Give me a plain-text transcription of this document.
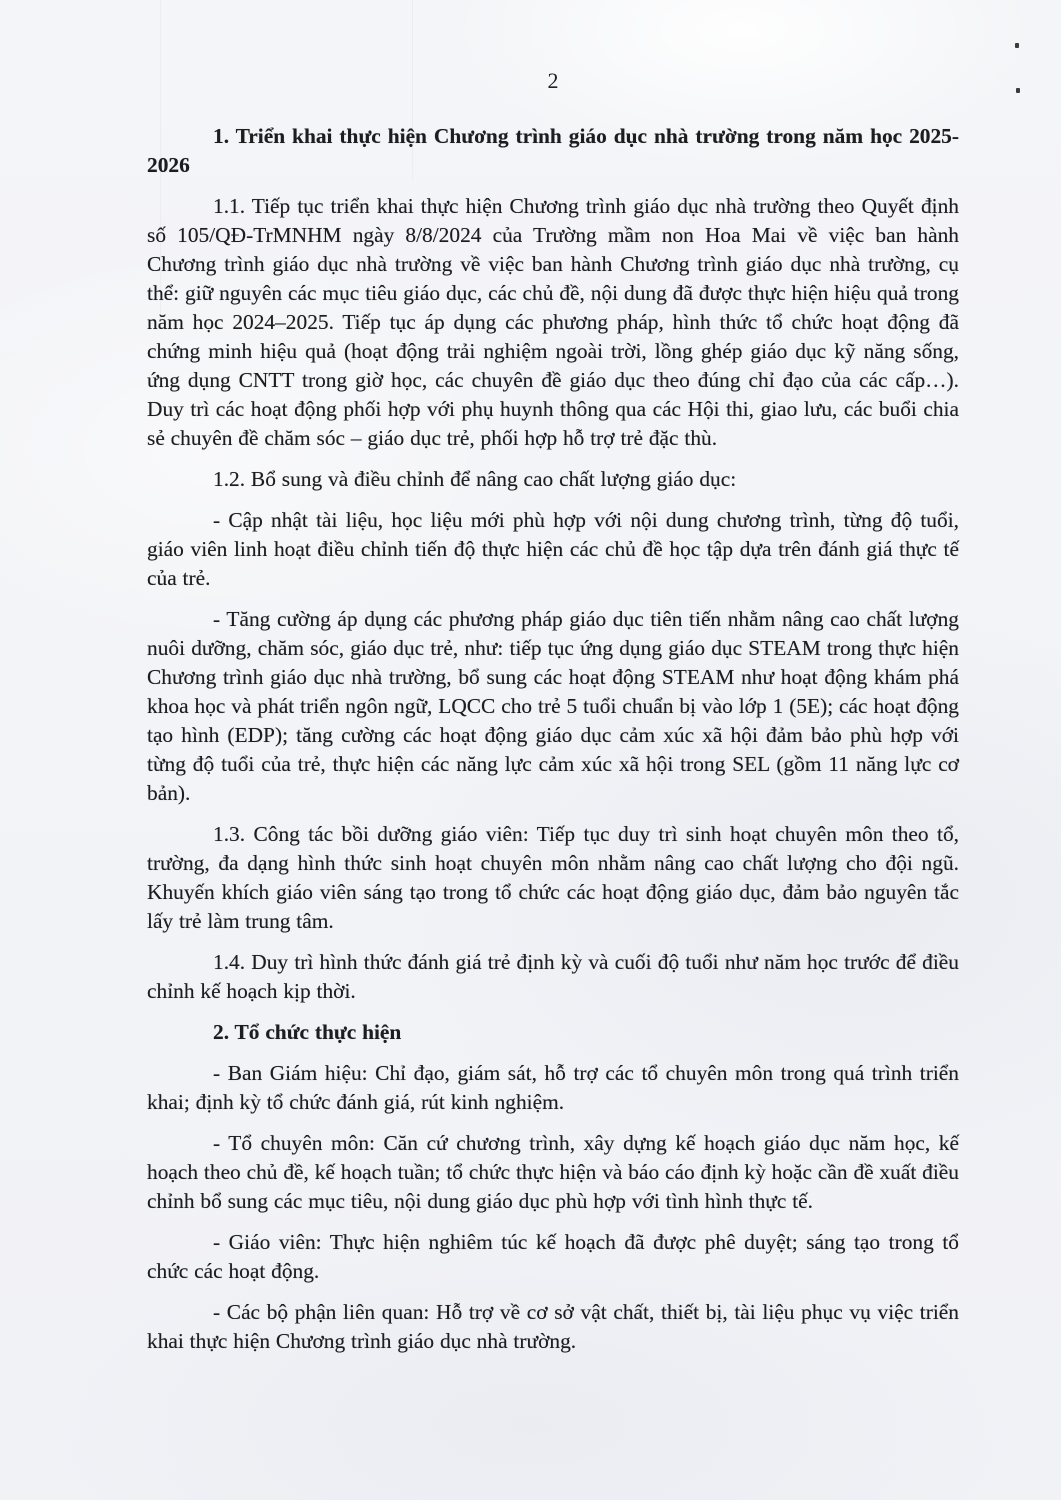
2

1. Triển khai thực hiện Chương trình giáo dục nhà trường trong năm học 2025-2026

1.1. Tiếp tục triển khai thực hiện Chương trình giáo dục nhà trường theo Quyết định số 105/QĐ-TrMNHM ngày 8/8/2024 của Trường mầm non Hoa Mai về việc ban hành Chương trình giáo dục nhà trường về việc ban hành Chương trình giáo dục nhà trường, cụ thể: giữ nguyên các mục tiêu giáo dục, các chủ đề, nội dung đã được thực hiện hiệu quả trong năm học 2024–2025. Tiếp tục áp dụng các phương pháp, hình thức tổ chức hoạt động đã chứng minh hiệu quả (hoạt động trải nghiệm ngoài trời, lồng ghép giáo dục kỹ năng sống, ứng dụng CNTT trong giờ học, các chuyên đề giáo dục theo đúng chỉ đạo của các cấp…). Duy trì các hoạt động phối hợp với phụ huynh thông qua các Hội thi, giao lưu, các buổi chia sẻ chuyên đề chăm sóc – giáo dục trẻ, phối hợp hỗ trợ trẻ đặc thù.

1.2. Bổ sung và điều chỉnh để nâng cao chất lượng giáo dục:

- Cập nhật tài liệu, học liệu mới phù hợp với nội dung chương trình, từng độ tuổi, giáo viên linh hoạt điều chỉnh tiến độ thực hiện các chủ đề học tập dựa trên đánh giá thực tế của trẻ.

- Tăng cường áp dụng các phương pháp giáo dục tiên tiến nhằm nâng cao chất lượng nuôi dưỡng, chăm sóc, giáo dục trẻ, như: tiếp tục ứng dụng giáo dục STEAM trong thực hiện Chương trình giáo dục nhà trường, bổ sung các hoạt động STEAM như hoạt động khám phá khoa học và phát triển ngôn ngữ, LQCC cho trẻ 5 tuổi chuẩn bị vào lớp 1 (5E); các hoạt động tạo hình (EDP); tăng cường các hoạt động giáo dục cảm xúc xã hội đảm bảo phù hợp với từng độ tuổi của trẻ, thực hiện các năng lực cảm xúc xã hội trong SEL (gồm 11 năng lực cơ bản).

1.3. Công tác bồi dưỡng giáo viên: Tiếp tục duy trì sinh hoạt chuyên môn theo tổ, trường, đa dạng hình thức sinh hoạt chuyên môn nhằm nâng cao chất lượng cho đội ngũ. Khuyến khích giáo viên sáng tạo trong tổ chức các hoạt động giáo dục, đảm bảo nguyên tắc lấy trẻ làm trung tâm.

1.4. Duy trì hình thức đánh giá trẻ định kỳ và cuối độ tuổi như năm học trước để điều chỉnh kế hoạch kịp thời.

2. Tổ chức thực hiện

- Ban Giám hiệu: Chỉ đạo, giám sát, hỗ trợ các tổ chuyên môn trong quá trình triển khai; định kỳ tổ chức đánh giá, rút kinh nghiệm.

- Tổ chuyên môn: Căn cứ chương trình, xây dựng kế hoạch giáo dục năm học, kế hoạch theo chủ đề, kế hoạch tuần; tổ chức thực hiện và báo cáo định kỳ hoặc cần đề xuất điều chỉnh bổ sung các mục tiêu, nội dung giáo dục phù hợp với tình hình thực tế.

- Giáo viên: Thực hiện nghiêm túc kế hoạch đã được phê duyệt; sáng tạo trong tổ chức các hoạt động.

- Các bộ phận liên quan: Hỗ trợ về cơ sở vật chất, thiết bị, tài liệu phục vụ việc triển khai thực hiện Chương trình giáo dục nhà trường.
